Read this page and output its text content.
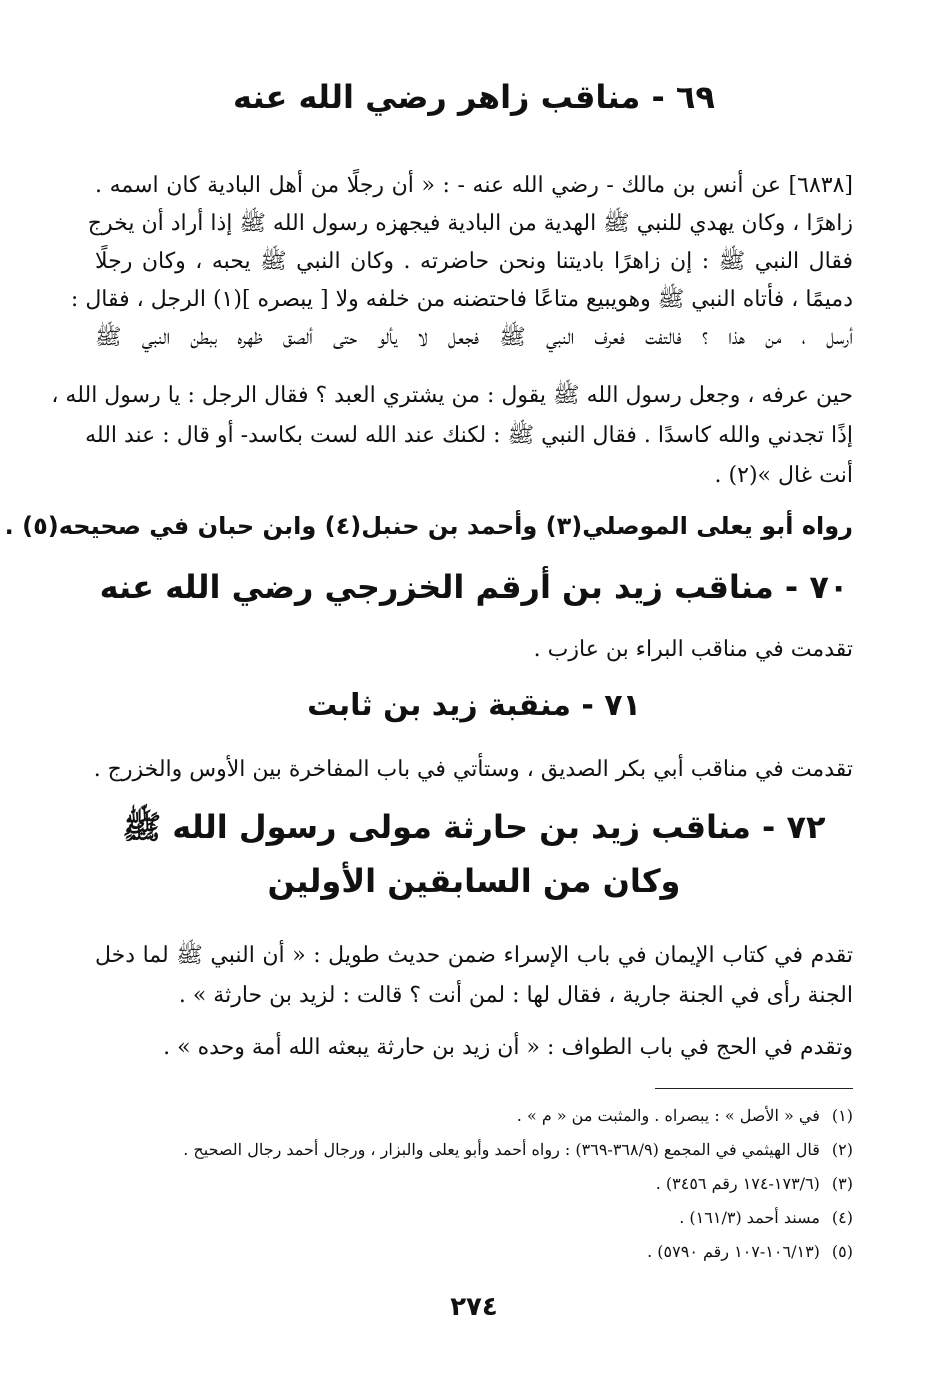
٦٩ - مناقب زاهر رضي الله عنه
[٦٨٣٨] عن أنس بن مالك - رضي الله عنه - : « أن رجلًا من أهل البادية كان اسمه .
زاهرًا ، وكان يهدي للنبي ﷺ الهدية من البادية فيجهزه رسول الله ﷺ إذا أراد أن يخرج
فقال النبي ﷺ : إن زاهرًا باديتنا ونحن حاضرته . وكان النبي ﷺ يحبه ، وكان رجلًا
دميمًا ، فأتاه النبي ﷺ وهويبيع متاعًا فاحتضنه من خلفه ولا [ يبصره ](١) الرجل ، فقال :
أرسل ، من هذا ؟ فالتفت فعرف النبي ﷺ فجعل لا يألو حتى ألصق ظهره ببطن النبي ﷺ
حين عرفه ، وجعل رسول الله ﷺ يقول : من يشتري العبد ؟ فقال الرجل : يا رسول الله ،
إذًا تجدني والله كاسدًا . فقال النبي ﷺ : لكنك عند الله لست بكاسد- أو قال : عند الله
أنت غال »(٢) .
رواه أبو يعلى الموصلي(٣) وأحمد بن حنبل(٤) وابن حبان في صحيحه(٥) .
٧٠ - مناقب زيد بن أرقم الخزرجي رضي الله عنه
تقدمت في مناقب البراء بن عازب .
٧١ - منقبة زيد بن ثابت
تقدمت في مناقب أبي بكر الصديق ، وستأتي في باب المفاخرة بين الأوس والخزرج .
٧٢ - مناقب زيد بن حارثة مولى رسول الله ﷺ
وكان من السابقين الأولين
تقدم في كتاب الإيمان في باب الإسراء ضمن حديث طويل : « أن النبي ﷺ لما دخل
الجنة رأى في الجنة جارية ، فقال لها : لمن أنت ؟ قالت : لزيد بن حارثة » .
وتقدم في الحج في باب الطواف : « أن زيد بن حارثة يبعثه الله أمة وحده » .
(١) في « الأصل » : يبصراه . والمثبت من « م » .
(٢) قال الهيثمي في المجمع (٣٦٨/٩-٣٦٩) : رواه أحمد وأبو يعلى والبزار ، ورجال أحمد رجال الصحيح .
(٣) (١٧٣/٦-١٧٤ رقم ٣٤٥٦) .
(٤) مسند أحمد (١٦١/٣) .
(٥) (١٠٦/١٣-١٠٧ رقم ٥٧٩٠) .
٢٧٤
